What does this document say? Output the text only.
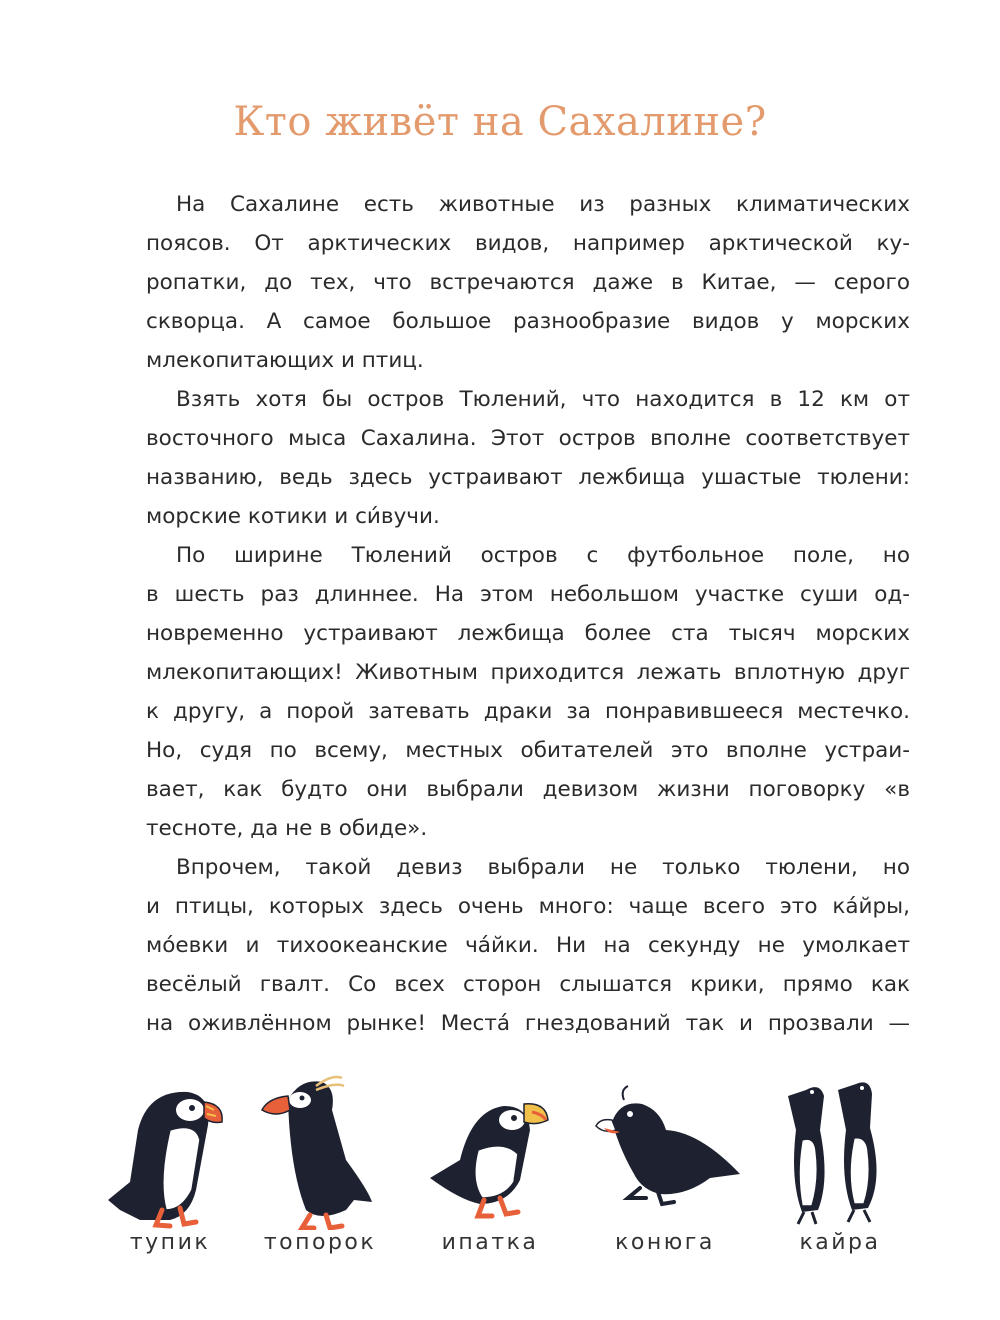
Кто живёт на Сахалине?

На Сахалине есть животные из разных климатических
поясов. От арктических видов, например арктической ку-
ропатки, до тех, что встречаются даже в Китае, — серого
скворца. А самое большое разнообразие видов у морских
млекопитающих и птиц.

Взять хотя бы остров Тюлений, что находится в 12 км от
восточного мыса Сахалина. Этот остров вполне соответствует
названию, ведь здесь устраивают лежбища ушастые тюлени:
морские котики и си́вучи.

По ширине Тюлений остров с футбольное поле, но
в шесть раз длиннее. На этом небольшом участке суши од-
новременно устраивают лежбища более ста тысяч морских
млекопитающих! Животным приходится лежать вплотную друг
к другу, а порой затевать драки за понравившееся местечко.
Но, судя по всему, местных обитателей это вполне устраи-
вает, как будто они выбрали девизом жизни поговорку «в
тесноте, да не в обиде».

Впрочем, такой девиз выбрали не только тюлени, но
и птицы, которых здесь очень много: чаще всего это ка́йры,
мо́евки и тихоокеанские ча́йки. Ни на секунду не умолкает
весёлый гвалт. Со всех сторон слышатся крики, прямо как
на оживлённом рынке! Места́ гнездований так и прозвали —

тупик	топорок	ипатка	конюга	кайра
